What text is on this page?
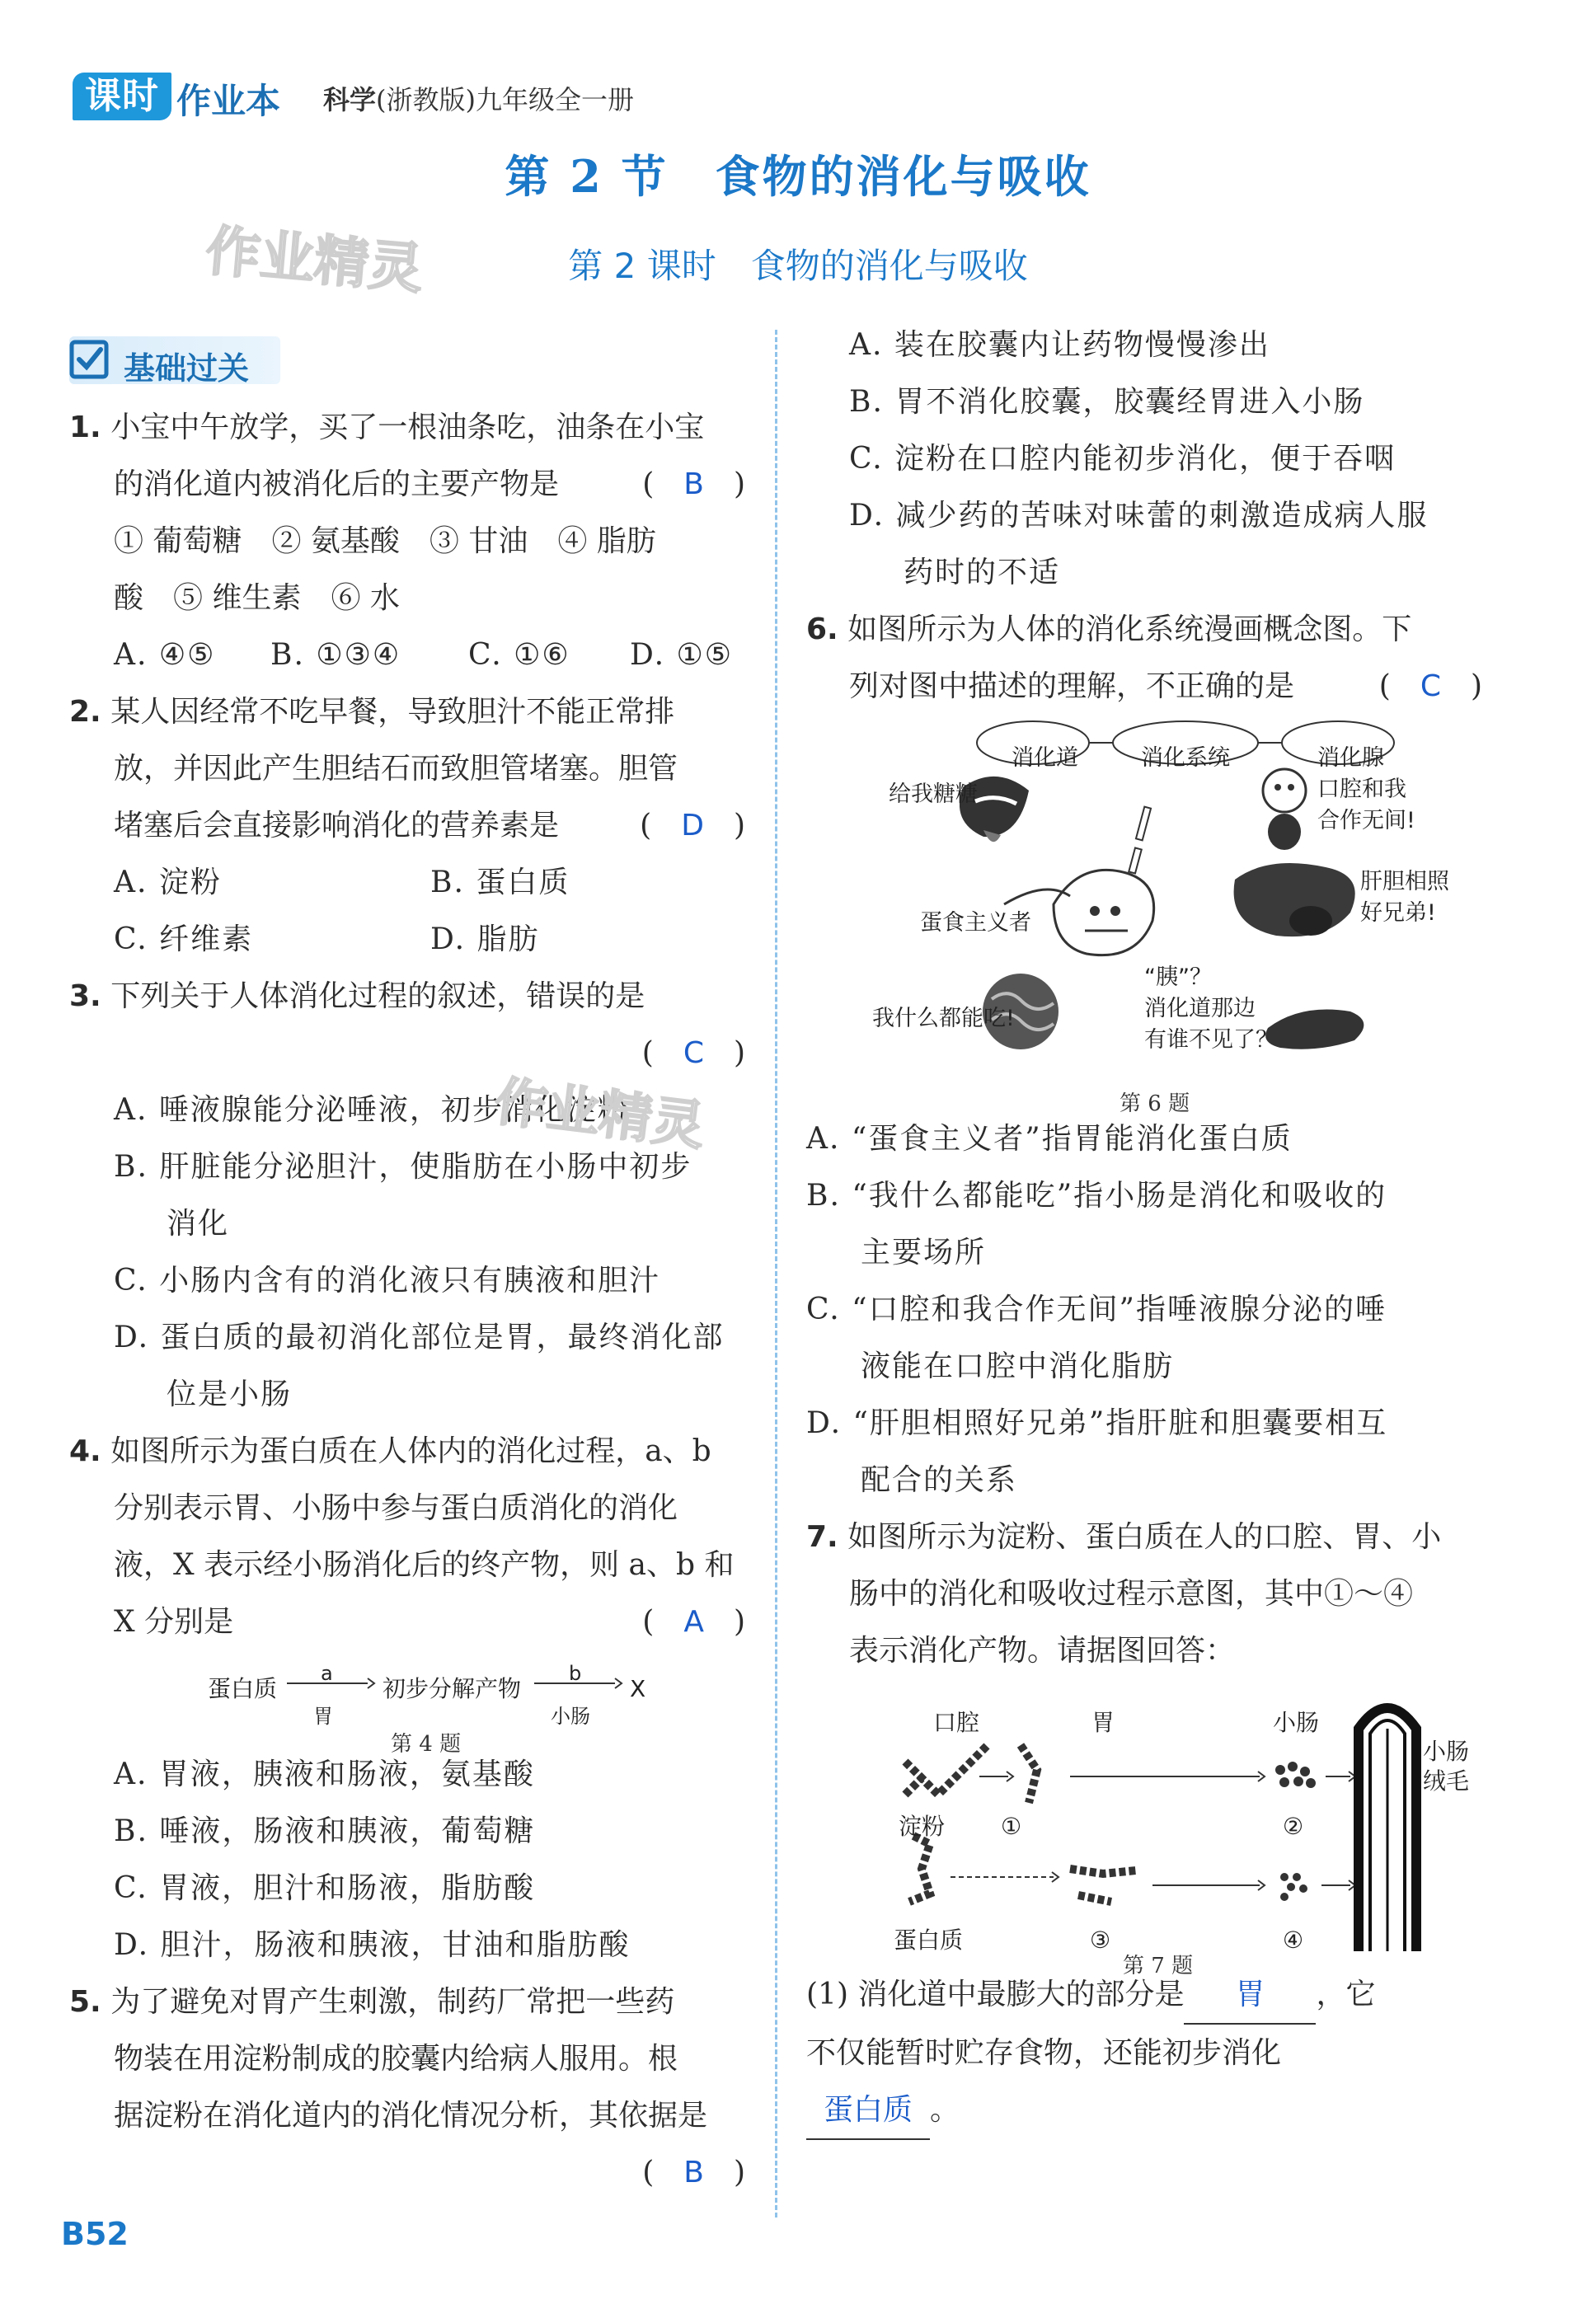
课时 作业本 科学(浙教版)九年级全一册
第 2 节　食物的消化与吸收
作业精灵	第 2 课时　食物的消化与吸收
基础过关
1. 小宝中午放学，买了一根油条吃，油条在小宝
的消化道内被消化后的主要产物是	(　B　)
① 葡萄糖　② 氨基酸　③ 甘油　④ 脂肪
酸　⑤ 维生素　⑥ 水
A. ④⑤ B. ①③④ C. ①⑥ D. ①⑤
2. 某人因经常不吃早餐，导致胆汁不能正常排
放，并因此产生胆结石而致胆管堵塞。胆管
堵塞后会直接影响消化的营养素是	(　D　)
A. 淀粉	B. 蛋白质
C. 纤维素	D. 脂肪
3. 下列关于人体消化过程的叙述，错误的是
(　C　)
A. 唾液腺能分泌唾液，初步消化淀粉
B. 肝脏能分泌胆汁，使脂肪在小肠中初步
消化
C. 小肠内含有的消化液只有胰液和胆汁
D. 蛋白质的最初消化部位是胃，最终消化部
位是小肠
4. 如图所示为蛋白质在人体内的消化过程，a、b
分别表示胃、小肠中参与蛋白质消化的消化
液，X 表示经小肠消化后的终产物，则 a、b 和
X 分别是	(　A　)
蛋白质
a
胃
初步分解产物
b
小肠
X
第 4 题
A. 胃液，胰液和肠液，氨基酸
B. 唾液，肠液和胰液，葡萄糖
C. 胃液，胆汁和肠液，脂肪酸
D. 胆汁，肠液和胰液，甘油和脂肪酸
5. 为了避免对胃产生刺激，制药厂常把一些药
物装在用淀粉制成的胶囊内给病人服用。根
据淀粉在消化道内的消化情况分析，其依据是
(　B　)
作业精灵
A. 装在胶囊内让药物慢慢渗出
B. 胃不消化胶囊，胶囊经胃进入小肠
C. 淀粉在口腔内能初步消化，便于吞咽
D. 减少药的苦味对味蕾的刺激造成病人服
药时的不适
6. 如图所示为人体的消化系统漫画概念图。下
列对图中描述的理解，不正确的是	(　C　)
消化道	消化系统	消化腺
给我糖糖	口腔和我
合作无间!
肝胆相照
好兄弟!
蛋食主义者
我什么都能吃!
“胰”？
消化道那边
有谁不见了？
第 6 题
A. “蛋食主义者”指胃能消化蛋白质
B. “我什么都能吃”指小肠是消化和吸收的
主要场所
C. “口腔和我合作无间”指唾液腺分泌的唾
液能在口腔中消化脂肪
D. “肝胆相照好兄弟”指肝脏和胆囊要相互
配合的关系
7. 如图所示为淀粉、蛋白质在人的口腔、胃、小
肠中的消化和吸收过程示意图，其中①～④
表示消化产物。请据图回答：
口腔	胃	小肠
小肠
绒毛
淀粉 ①	②
蛋白质	③	④
第 7 题
(1) 消化道中最膨大的部分是 胃 ，它
不仅能暂时贮存食物，还能初步消化
蛋白质 。
B52
